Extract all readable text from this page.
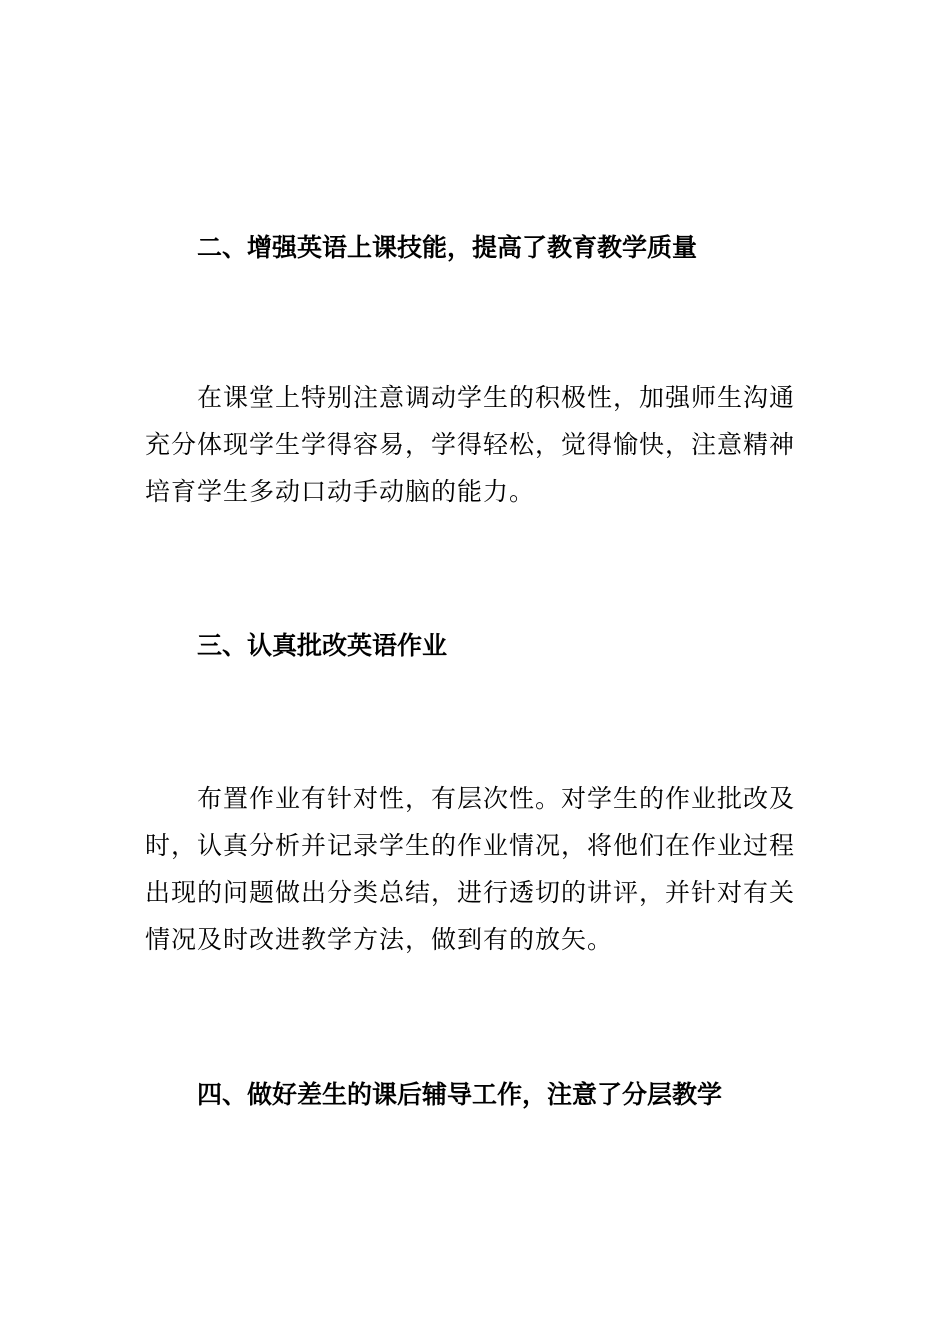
二、增强英语上课技能，提高了教育教学质量
在课堂上特别注意调动学生的积极性，加强师生沟通
充分体现学生学得容易，学得轻松，觉得愉快，注意精神
培育学生多动口动手动脑的能力。
三、认真批改英语作业
布置作业有针对性，有层次性。对学生的作业批改及
时，认真分析并记录学生的作业情况，将他们在作业过程
出现的问题做出分类总结，进行透切的讲评，并针对有关
情况及时改进教学方法，做到有的放矢。
四、做好差生的课后辅导工作，注意了分层教学
